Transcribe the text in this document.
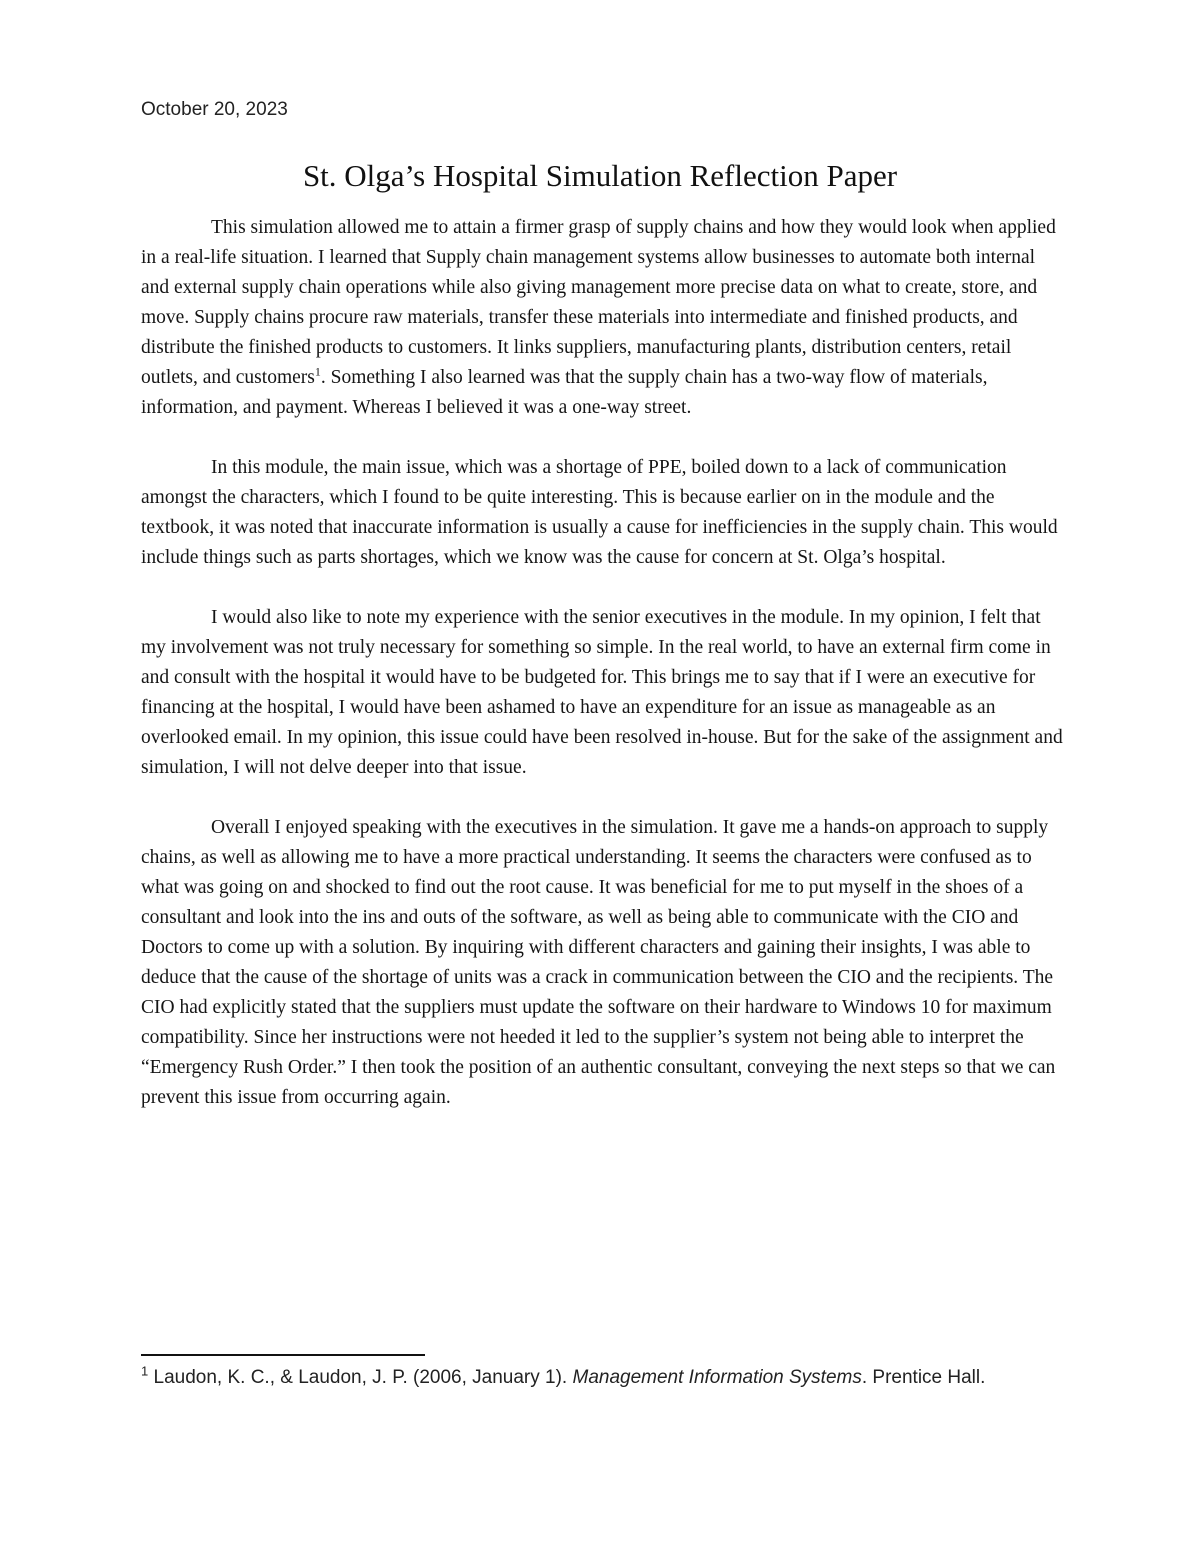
October 20, 2023
St. Olga’s Hospital Simulation Reflection Paper

This simulation allowed me to attain a firmer grasp of supply chains and how they would look when applied in a real-life situation. I learned that Supply chain management systems allow businesses to automate both internal and external supply chain operations while also giving management more precise data on what to create, store, and move. Supply chains procure raw materials, transfer these materials into intermediate and finished products, and distribute the finished products to customers. It links suppliers, manufacturing plants, distribution centers, retail outlets, and customers$^1$. Something I also learned was that the supply chain has a two-way flow of materials, information, and payment. Whereas I believed it was a one-way street.

In this module, the main issue, which was a shortage of PPE, boiled down to a lack of communication amongst the characters, which I found to be quite interesting. This is because earlier on in the module and the textbook, it was noted that inaccurate information is usually a cause for inefficiencies in the supply chain. This would include things such as parts shortages, which we know was the cause for concern at St. Olga’s hospital.

I would also like to note my experience with the senior executives in the module. In my opinion, I felt that my involvement was not truly necessary for something so simple. In the real world, to have an external firm come in and consult with the hospital it would have to be budgeted for. This brings me to say that if I were an executive for financing at the hospital, I would have been ashamed to have an expenditure for an issue as manageable as an overlooked email. In my opinion, this issue could have been resolved in-house. But for the sake of the assignment and simulation, I will not delve deeper into that issue.

Overall I enjoyed speaking with the executives in the simulation. It gave me a hands-on approach to supply chains, as well as allowing me to have a more practical understanding. It seems the characters were confused as to what was going on and shocked to find out the root cause. It was beneficial for me to put myself in the shoes of a consultant and look into the ins and outs of the software, as well as being able to communicate with the CIO and Doctors to come up with a solution. By inquiring with different characters and gaining their insights, I was able to deduce that the cause of the shortage of units was a crack in communication between the CIO and the recipients. The CIO had explicitly stated that the suppliers must update the software on their hardware to Windows 10 for maximum compatibility. Since her instructions were not heeded it led to the supplier’s system not being able to interpret the “Emergency Rush Order.” I then took the position of an authentic consultant, conveying the next steps so that we can prevent this issue from occurring again.

$^1$ Laudon, K. C., & Laudon, J. P. (2006, January 1). Management Information Systems. Prentice Hall.
